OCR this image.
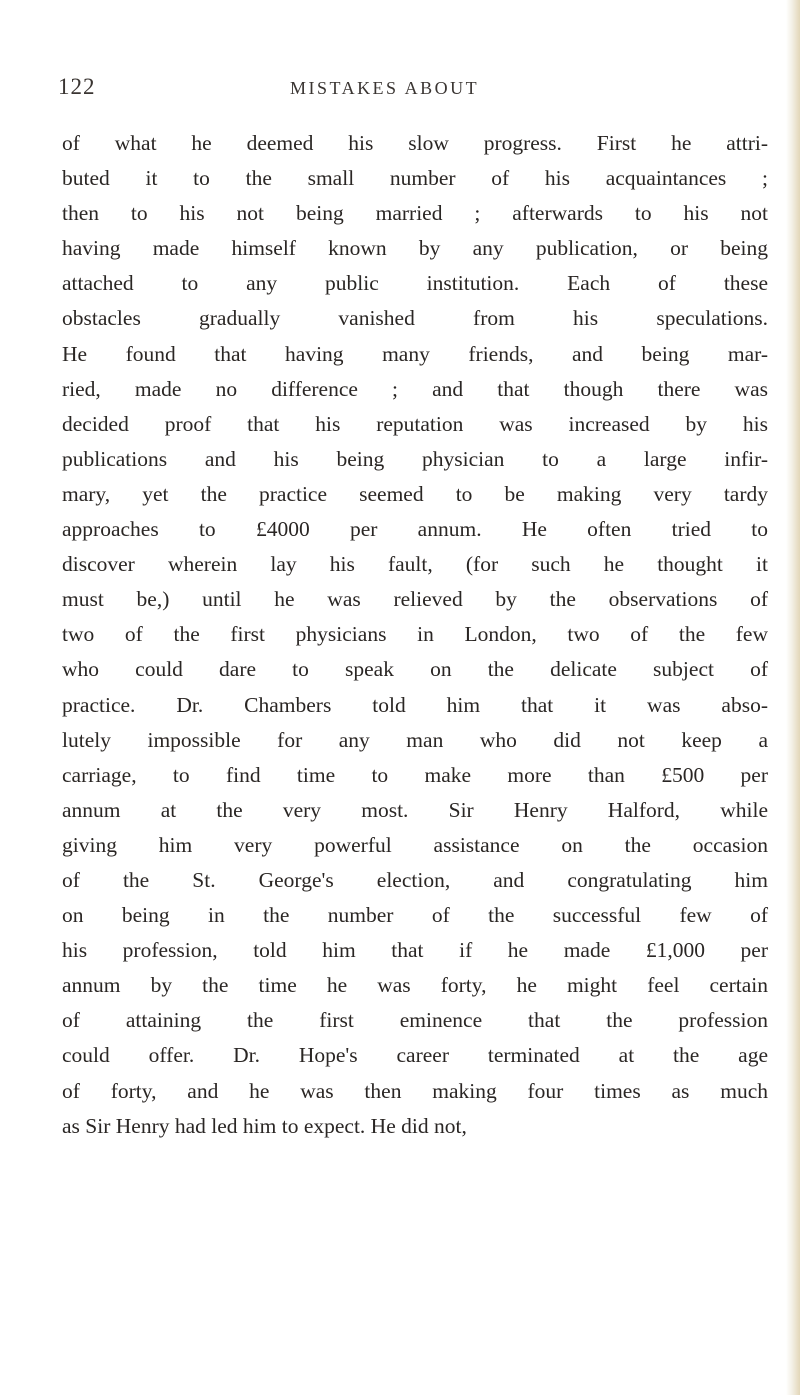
122	MISTAKES ABOUT
of what he deemed his slow progress. First he attri-
buted it to the small number of his acquaintances ;
then to his not being married ; afterwards to his not
having made himself known by any publication, or being
attached to any public institution. Each of these
obstacles gradually vanished from his speculations.
He found that having many friends, and being mar-
ried, made no difference ; and that though there was
decided proof that his reputation was increased by his
publications and his being physician to a large infir-
mary, yet the practice seemed to be making very tardy
approaches to £4000 per annum. He often tried to
discover wherein lay his fault, (for such he thought it
must be,) until he was relieved by the observations of
two of the first physicians in London, two of the few
who could dare to speak on the delicate subject of
practice. Dr. Chambers told him that it was abso-
lutely impossible for any man who did not keep a
carriage, to find time to make more than £500 per
annum at the very most. Sir Henry Halford, while
giving him very powerful assistance on the occasion
of the St. George's election, and congratulating him
on being in the number of the successful few of
his profession, told him that if he made £1,000 per
annum by the time he was forty, he might feel certain
of attaining the first eminence that the profession
could offer. Dr. Hope's career terminated at the age
of forty, and he was then making four times as much
as Sir Henry had led him to expect. He did not,
